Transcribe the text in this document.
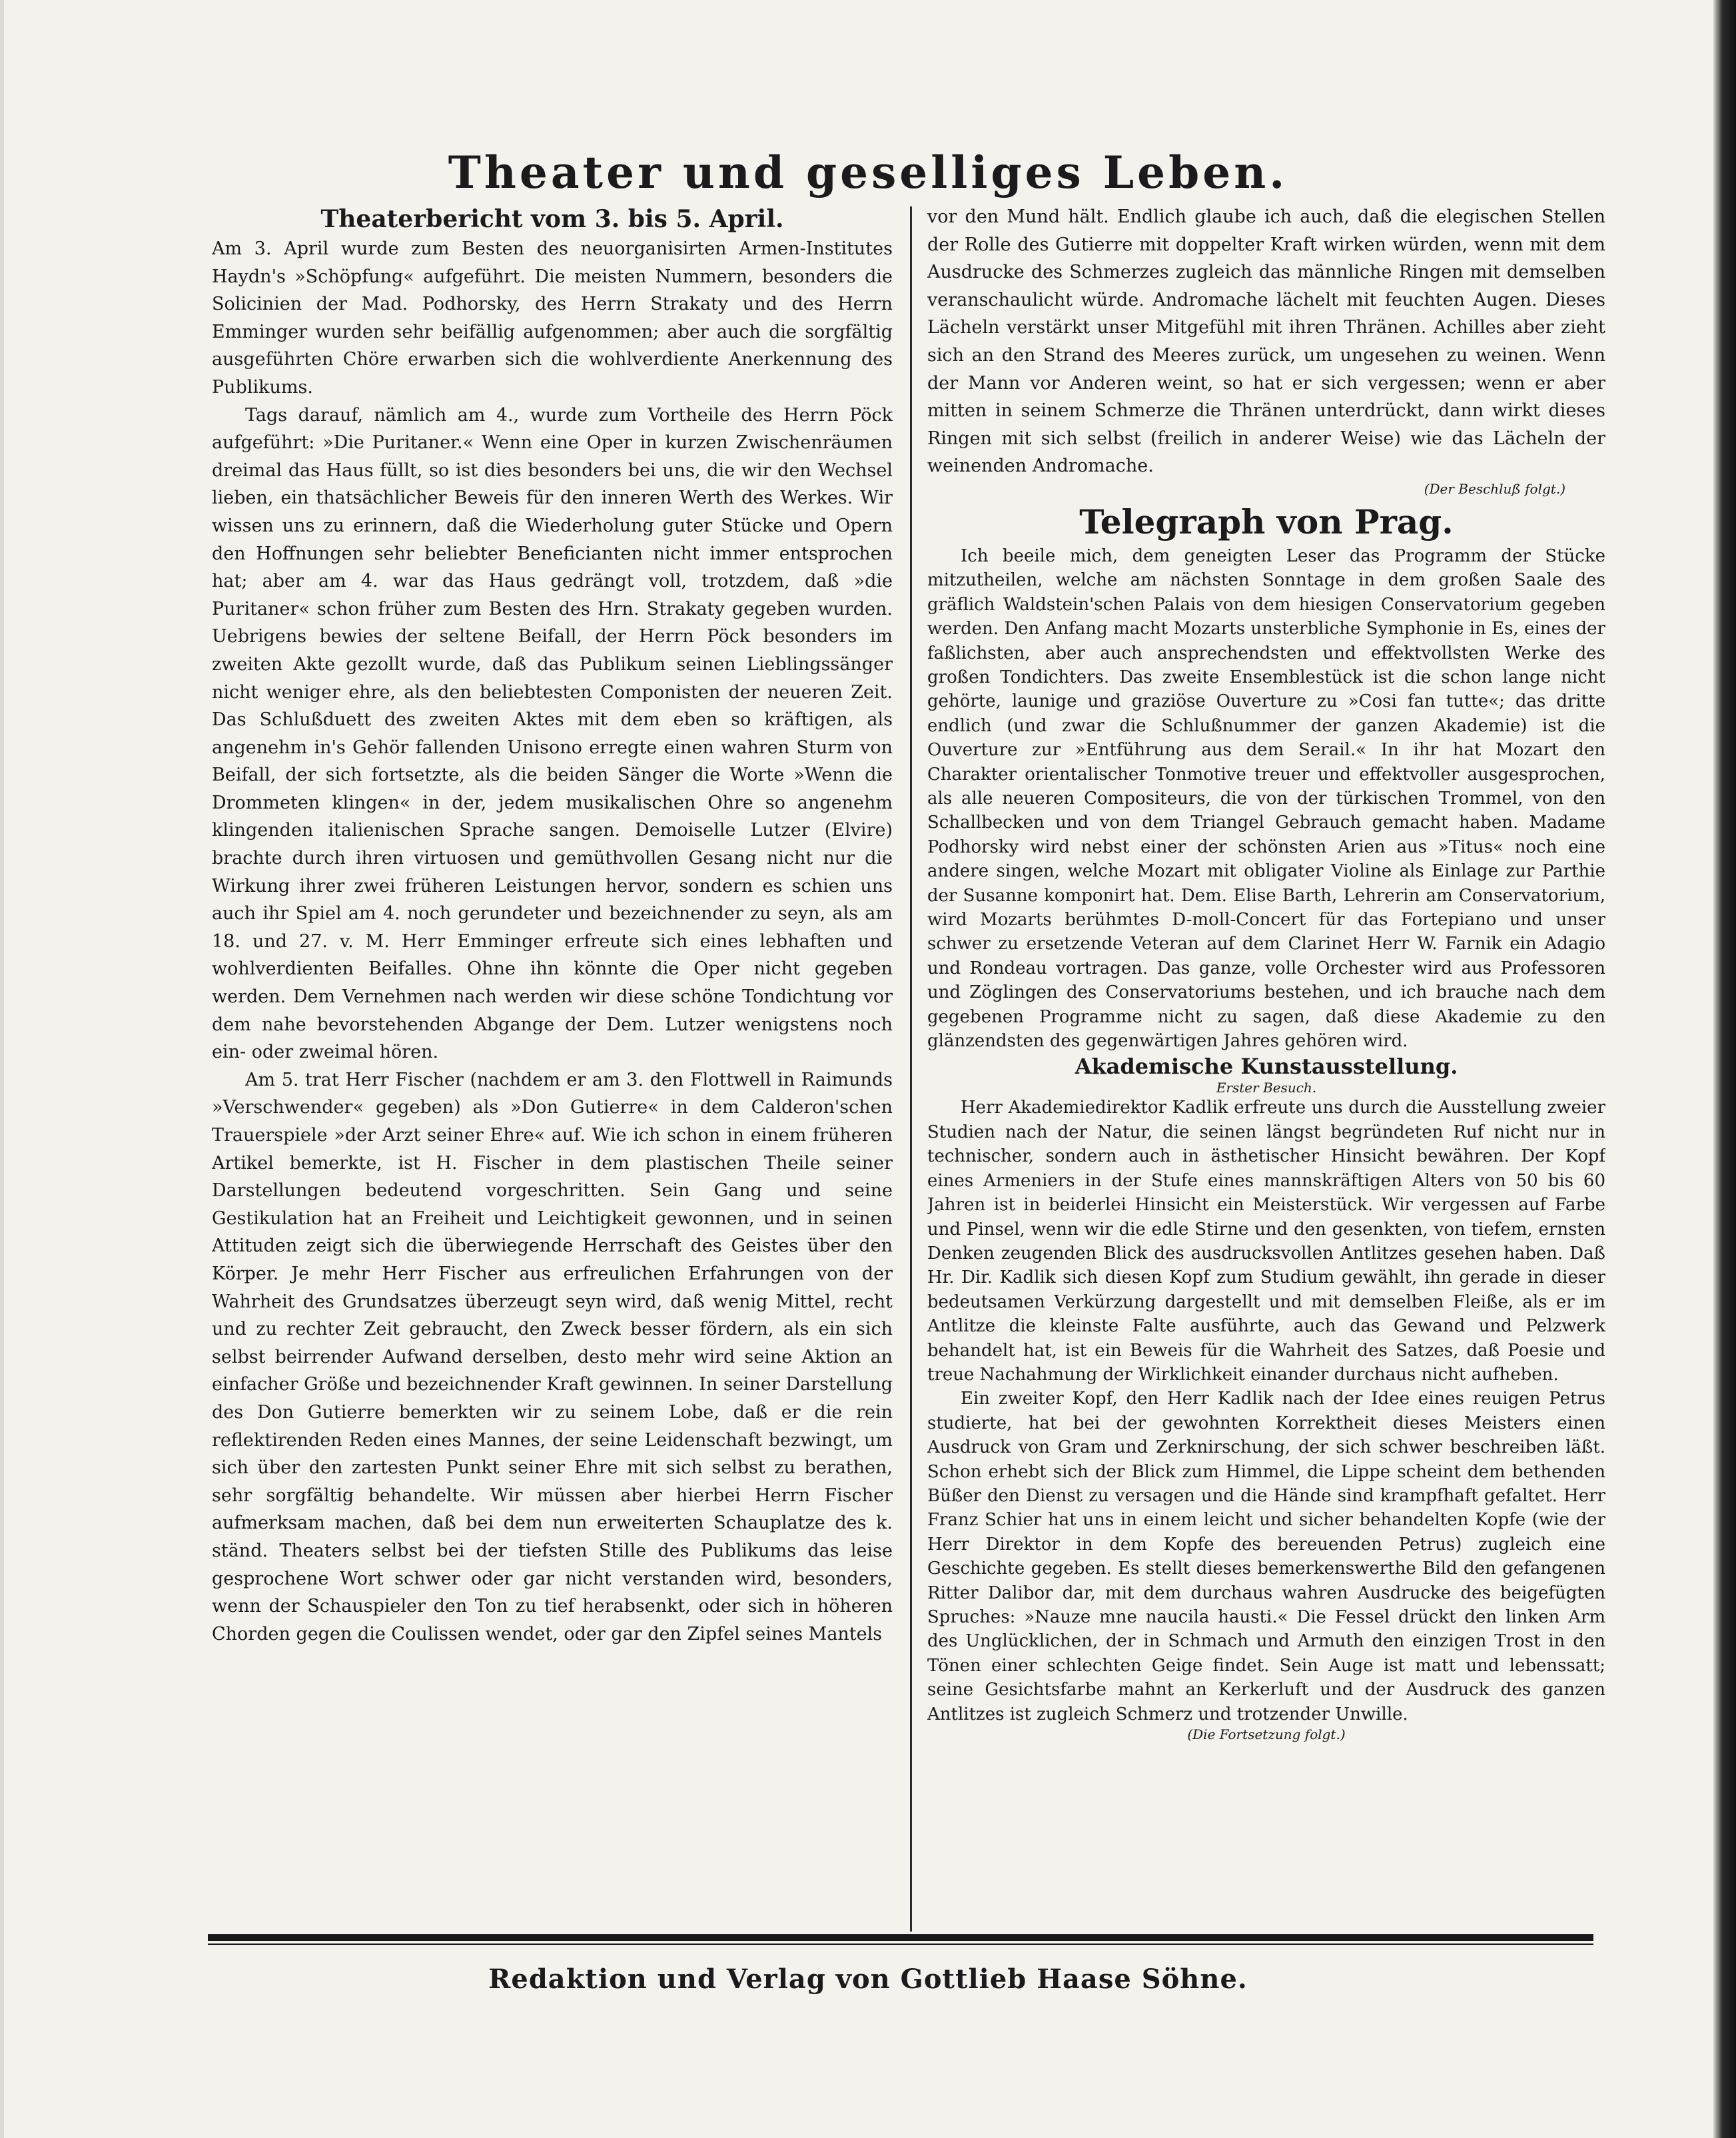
Theater und geselliges Leben.
Theaterbericht vom 3. bis 5. April.

Am 3. April wurde zum Besten des neuorganisirten Armen-Institutes Haydn's »Schöpfung« aufgeführt. Die meisten Nummern, besonders die Solicinien der Mad. Podhorsky, des Herrn Strakaty und des Herrn Emminger wurden sehr beifällig aufgenommen; aber auch die sorgfältig ausgeführten Chöre erwarben sich die wohlverdiente Anerkennung des Publikums.

Tags darauf, nämlich am 4., wurde zum Vortheile des Herrn Pöck aufgeführt: »Die Puritaner.« Wenn eine Oper in kurzen Zwischenräumen dreimal das Haus füllt, so ist dies besonders bei uns, die wir den Wechsel lieben, ein thatsächlicher Beweis für den inneren Werth des Werkes. Wir wissen uns zu erinnern, daß die Wiederholung guter Stücke und Opern den Hoffnungen sehr beliebter Beneficianten nicht immer entsprochen hat; aber am 4. war das Haus gedrängt voll, trotzdem, daß »die Puritaner« schon früher zum Besten des Hrn. Strakaty gegeben wurden. Uebrigens bewies der seltene Beifall, der Herrn Pöck besonders im zweiten Akte gezollt wurde, daß das Publikum seinen Lieblingssänger nicht weniger ehre, als den beliebtesten Componisten der neueren Zeit. Das Schlußduett des zweiten Aktes mit dem eben so kräftigen, als angenehm in's Gehör fallenden Unisono erregte einen wahren Sturm von Beifall, der sich fortsetzte, als die beiden Sänger die Worte »Wenn die Drommeten klingen« in der, jedem musikalischen Ohre so angenehm klingenden italienischen Sprache sangen. Demoiselle Lutzer (Elvire) brachte durch ihren virtuosen und gemüthvollen Gesang nicht nur die Wirkung ihrer zwei früheren Leistungen hervor, sondern es schien uns auch ihr Spiel am 4. noch gerundeter und bezeichnender zu seyn, als am 18. und 27. v. M. Herr Emminger erfreute sich eines lebhaften und wohlverdienten Beifalles. Ohne ihn könnte die Oper nicht gegeben werden. Dem Vernehmen nach werden wir diese schöne Tondichtung vor dem nahe bevorstehenden Abgange der Dem. Lutzer wenigstens noch ein- oder zweimal hören.

Am 5. trat Herr Fischer (nachdem er am 3. den Flottwell in Raimunds »Verschwender« gegeben) als »Don Gutierre« in dem Calderon'schen Trauerspiele »der Arzt seiner Ehre« auf. Wie ich schon in einem früheren Artikel bemerkte, ist H. Fischer in dem plastischen Theile seiner Darstellungen bedeutend vorgeschritten. Sein Gang und seine Gestikulation hat an Freiheit und Leichtigkeit gewonnen, und in seinen Attituden zeigt sich die überwiegende Herrschaft des Geistes über den Körper. Je mehr Herr Fischer aus erfreulichen Erfahrungen von der Wahrheit des Grundsatzes überzeugt seyn wird, daß wenig Mittel, recht und zu rechter Zeit gebraucht, den Zweck besser fördern, als ein sich selbst beirrender Aufwand derselben, desto mehr wird seine Aktion an einfacher Größe und bezeichnender Kraft gewinnen. In seiner Darstellung des Don Gutierre bemerkten wir zu seinem Lobe, daß er die rein reflektirenden Reden eines Mannes, der seine Leidenschaft bezwingt, um sich über den zartesten Punkt seiner Ehre mit sich selbst zu berathen, sehr sorgfältig behandelte. Wir müssen aber hierbei Herrn Fischer aufmerksam machen, daß bei dem nun erweiterten Schauplatze des k. ständ. Theaters selbst bei der tiefsten Stille des Publikums das leise gesprochene Wort schwer oder gar nicht verstanden wird, besonders, wenn der Schauspieler den Ton zu tief herabsenkt, oder sich in höheren Chorden gegen die Coulissen wendet, oder gar den Zipfel seines Mantels

vor den Mund hält. Endlich glaube ich auch, daß die elegischen Stellen der Rolle des Gutierre mit doppelter Kraft wirken würden, wenn mit dem Ausdrucke des Schmerzes zugleich das männliche Ringen mit demselben veranschaulicht würde. Andromache lächelt mit feuchten Augen. Dieses Lächeln verstärkt unser Mitgefühl mit ihren Thränen. Achilles aber zieht sich an den Strand des Meeres zurück, um ungesehen zu weinen. Wenn der Mann vor Anderen weint, so hat er sich vergessen; wenn er aber mitten in seinem Schmerze die Thränen unterdrückt, dann wirkt dieses Ringen mit sich selbst (freilich in anderer Weise) wie das Lächeln der weinenden Andromache.

(Der Beschluß folgt.)
Telegraph von Prag.

Ich beeile mich, dem geneigten Leser das Programm der Stücke mitzutheilen, welche am nächsten Sonntage in dem großen Saale des gräflich Waldstein'schen Palais von dem hiesigen Conservatorium gegeben werden. Den Anfang macht Mozarts unsterbliche Symphonie in Es, eines der faßlichsten, aber auch ansprechendsten und effektvollsten Werke des großen Tondichters. Das zweite Ensemblestück ist die schon lange nicht gehörte, launige und graziöse Ouverture zu »Cosi fan tutte«; das dritte endlich (und zwar die Schlußnummer der ganzen Akademie) ist die Ouverture zur »Entführung aus dem Serail.« In ihr hat Mozart den Charakter orientalischer Tonmotive treuer und effektvoller ausgesprochen, als alle neueren Compositeurs, die von der türkischen Trommel, von den Schallbecken und von dem Triangel Gebrauch gemacht haben. Madame Podhorsky wird nebst einer der schönsten Arien aus »Titus« noch eine andere singen, welche Mozart mit obligater Violine als Einlage zur Parthie der Susanne komponirt hat. Dem. Elise Barth, Lehrerin am Conservatorium, wird Mozarts berühmtes D-moll-Concert für das Fortepiano und unser schwer zu ersetzende Veteran auf dem Clarinet Herr W. Farnik ein Adagio und Rondeau vortragen. Das ganze, volle Orchester wird aus Professoren und Zöglingen des Conservatoriums bestehen, und ich brauche nach dem gegebenen Programme nicht zu sagen, daß diese Akademie zu den glänzendsten des gegenwärtigen Jahres gehören wird.

Akademische Kunstausstellung.
Erster Besuch.

Herr Akademiedirektor Kadlik erfreute uns durch die Ausstellung zweier Studien nach der Natur, die seinen längst begründeten Ruf nicht nur in technischer, sondern auch in ästhetischer Hinsicht bewähren. Der Kopf eines Armeniers in der Stufe eines mannskräftigen Alters von 50 bis 60 Jahren ist in beiderlei Hinsicht ein Meisterstück. Wir vergessen auf Farbe und Pinsel, wenn wir die edle Stirne und den gesenkten, von tiefem, ernsten Denken zeugenden Blick des ausdrucksvollen Antlitzes gesehen haben. Daß Hr. Dir. Kadlik sich diesen Kopf zum Studium gewählt, ihn gerade in dieser bedeutsamen Verkürzung dargestellt und mit demselben Fleiße, als er im Antlitze die kleinste Falte ausführte, auch das Gewand und Pelzwerk behandelt hat, ist ein Beweis für die Wahrheit des Satzes, daß Poesie und treue Nachahmung der Wirklichkeit einander durchaus nicht aufheben.

Ein zweiter Kopf, den Herr Kadlik nach der Idee eines reuigen Petrus studierte, hat bei der gewohnten Korrektheit dieses Meisters einen Ausdruck von Gram und Zerknirschung, der sich schwer beschreiben läßt. Schon erhebt sich der Blick zum Himmel, die Lippe scheint dem bethenden Büßer den Dienst zu versagen und die Hände sind krampfhaft gefaltet. Herr Franz Schier hat uns in einem leicht und sicher behandelten Kopfe (wie der Herr Direktor in dem Kopfe des bereuenden Petrus) zugleich eine Geschichte gegeben. Es stellt dieses bemerkenswerthe Bild den gefangenen Ritter Dalibor dar, mit dem durchaus wahren Ausdrucke des beigefügten Spruches: »Nauze mne naucila hausti.« Die Fessel drückt den linken Arm des Unglücklichen, der in Schmach und Armuth den einzigen Trost in den Tönen einer schlechten Geige findet. Sein Auge ist matt und lebenssatt; seine Gesichtsfarbe mahnt an Kerkerluft und der Ausdruck des ganzen Antlitzes ist zugleich Schmerz und trotzender Unwille.

(Die Fortsetzung folgt.)
Redaktion und Verlag von Gottlieb Haase Söhne.
